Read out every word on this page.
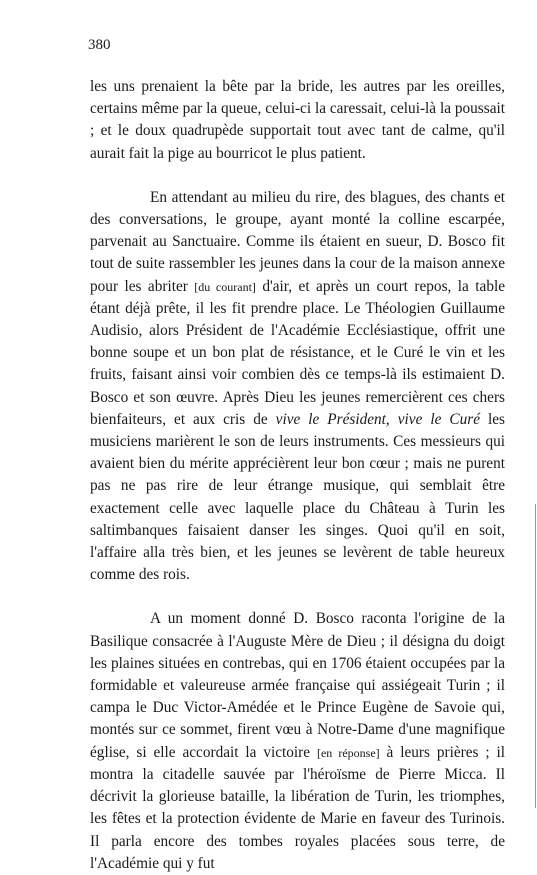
380

les uns prenaient la bête par la bride, les autres par les oreilles, certains même par la queue, celui-ci la caressait, celui-là la poussait ; et le doux quadrupède supportait tout avec tant de calme, qu'il aurait fait la pige au bourricot le plus patient.

En attendant au milieu du rire, des blagues, des chants et des conversations, le groupe, ayant monté la colline escarpée, parvenait au Sanctuaire. Comme ils étaient en sueur, D. Bosco fit tout de suite rassembler les jeunes dans la cour de la maison annexe pour les abriter [du courant] d'air, et après un court repos, la table étant déjà prête, il les fit prendre place. Le Théologien Guillaume Audisio, alors Président de l'Académie Ecclésiastique, offrit une bonne soupe et un bon plat de résistance, et le Curé le vin et les fruits, faisant ainsi voir combien dès ce temps-là ils estimaient D. Bosco et son œuvre. Après Dieu les jeunes remercièrent ces chers bienfaiteurs, et aux cris de vive le Président, vive le Curé les musiciens marièrent le son de leurs instruments. Ces messieurs qui avaient bien du mérite apprécièrent leur bon cœur ; mais ne purent pas ne pas rire de leur étrange musique, qui semblait être exactement celle avec laquelle place du Château à Turin les saltimbanques faisaient danser les singes. Quoi qu'il en soit, l'affaire alla très bien, et les jeunes se levèrent de table heureux comme des rois.

A un moment donné D. Bosco raconta l'origine de la Basilique consacrée à l'Auguste Mère de Dieu ; il désigna du doigt les plaines situées en contrebas, qui en 1706 étaient occupées par la formidable et valeureuse armée française qui assiégeait Turin ; il campa le Duc Victor-Amédée et le Prince Eugène de Savoie qui, montés sur ce sommet, firent vœu à Notre-Dame d'une magnifique église, si elle accordait la victoire [en réponse] à leurs prières ; il montra la citadelle sauvée par l'héroïsme de Pierre Micca. Il décrivit la glorieuse bataille, la libération de Turin, les triomphes, les fêtes et la protection évidente de Marie en faveur des Turinois. Il parla encore des tombes royales placées sous terre, de l'Académie qui y fut
